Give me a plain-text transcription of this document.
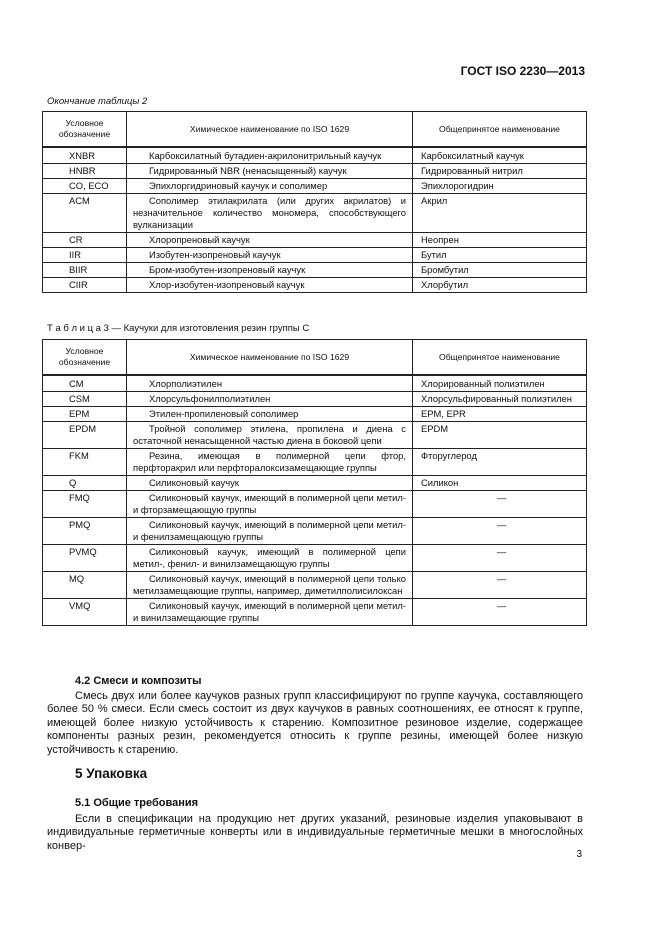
ГОСТ ISO 2230—2013
Окончание таблицы 2
Условное обозначение	Химическое наименование по ISO 1629	Общепринятое наименование
XNBR	Карбоксилатный бутадиен-акрилонитрильный каучук	Карбоксилатный каучук
HNBR	Гидрированный NBR (ненасыщенный) каучук	Гидрированный нитрил
CO, ECO	Эпихлоргидриновый каучук и сополимер	Эпихлорогидрин
ACM	Сополимер этилакрилата (или других акрилатов) и незначительное количество мономера, способствующего вулканизации	Акрил
CR	Хлоропреновый каучук	Неопрен
IIR	Изобутен-изопреновый каучук	Бутил
BIIR	Бром-изобутен-изопреновый каучук	Бромбутил
CIIR	Хлор-изобутен-изопреновый каучук	Хлорбутил
Т а б л и ц а 3 — Каучуки для изготовления резин группы С
Условное обозначение	Химическое наименование по ISO 1629	Общепринятое наименование
CM	Хлорполиэтилен	Хлорированный полиэтилен
CSM	Хлорсульфонилполиэтилен	Хлорсульфированный полиэтилен
EPM	Этилен-пропиленовый сополимер	EPM, EPR
EPDM	Тройной сополимер этилена, пропилена и диена с остаточной ненасыщенной частью диена в боковой цепи	EPDM
FKM	Резина, имеющая в полимерной цепи фтор, перфторакрил или перфторалоксизамещающие группы	Фторуглерод
Q	Силиконовый каучук	Силикон
FMQ	Силиконовый каучук, имеющий в полимерной цепи метил- и фторзамещающую группы	—
PMQ	Силиконовый каучук, имеющий в полимерной цепи метил- и фенилзамещающую группы	—
PVMQ	Силиконовый каучук, имеющий в полимерной цепи метил-, фенил- и винилзамещающую группы	—
MQ	Силиконовый каучук, имеющий в полимерной цепи только метилзамещающие группы, например, диметилполисилоксан	—
VMQ	Силиконовый каучук, имеющий в полимерной цепи метил- и винилзамещающие группы	—
4.2 Смеси и композиты
Смесь двух или более каучуков разных групп классифицируют по группе каучука, составляющего более 50 % смеси. Если смесь состоит из двух каучуков в равных соотношениях, ее относят к группе, имеющей более низкую устойчивость к старению. Композитное резиновое изделие, содержащее компоненты разных резин, рекомендуется относить к группе резины, имеющей более низкую устойчивость к старению.
5 Упаковка
5.1 Общие требования
Если в спецификации на продукцию нет других указаний, резиновые изделия упаковывают в индивидуальные герметичные конверты или в индивидуальные герметичные мешки в многослойных конвер-
3
